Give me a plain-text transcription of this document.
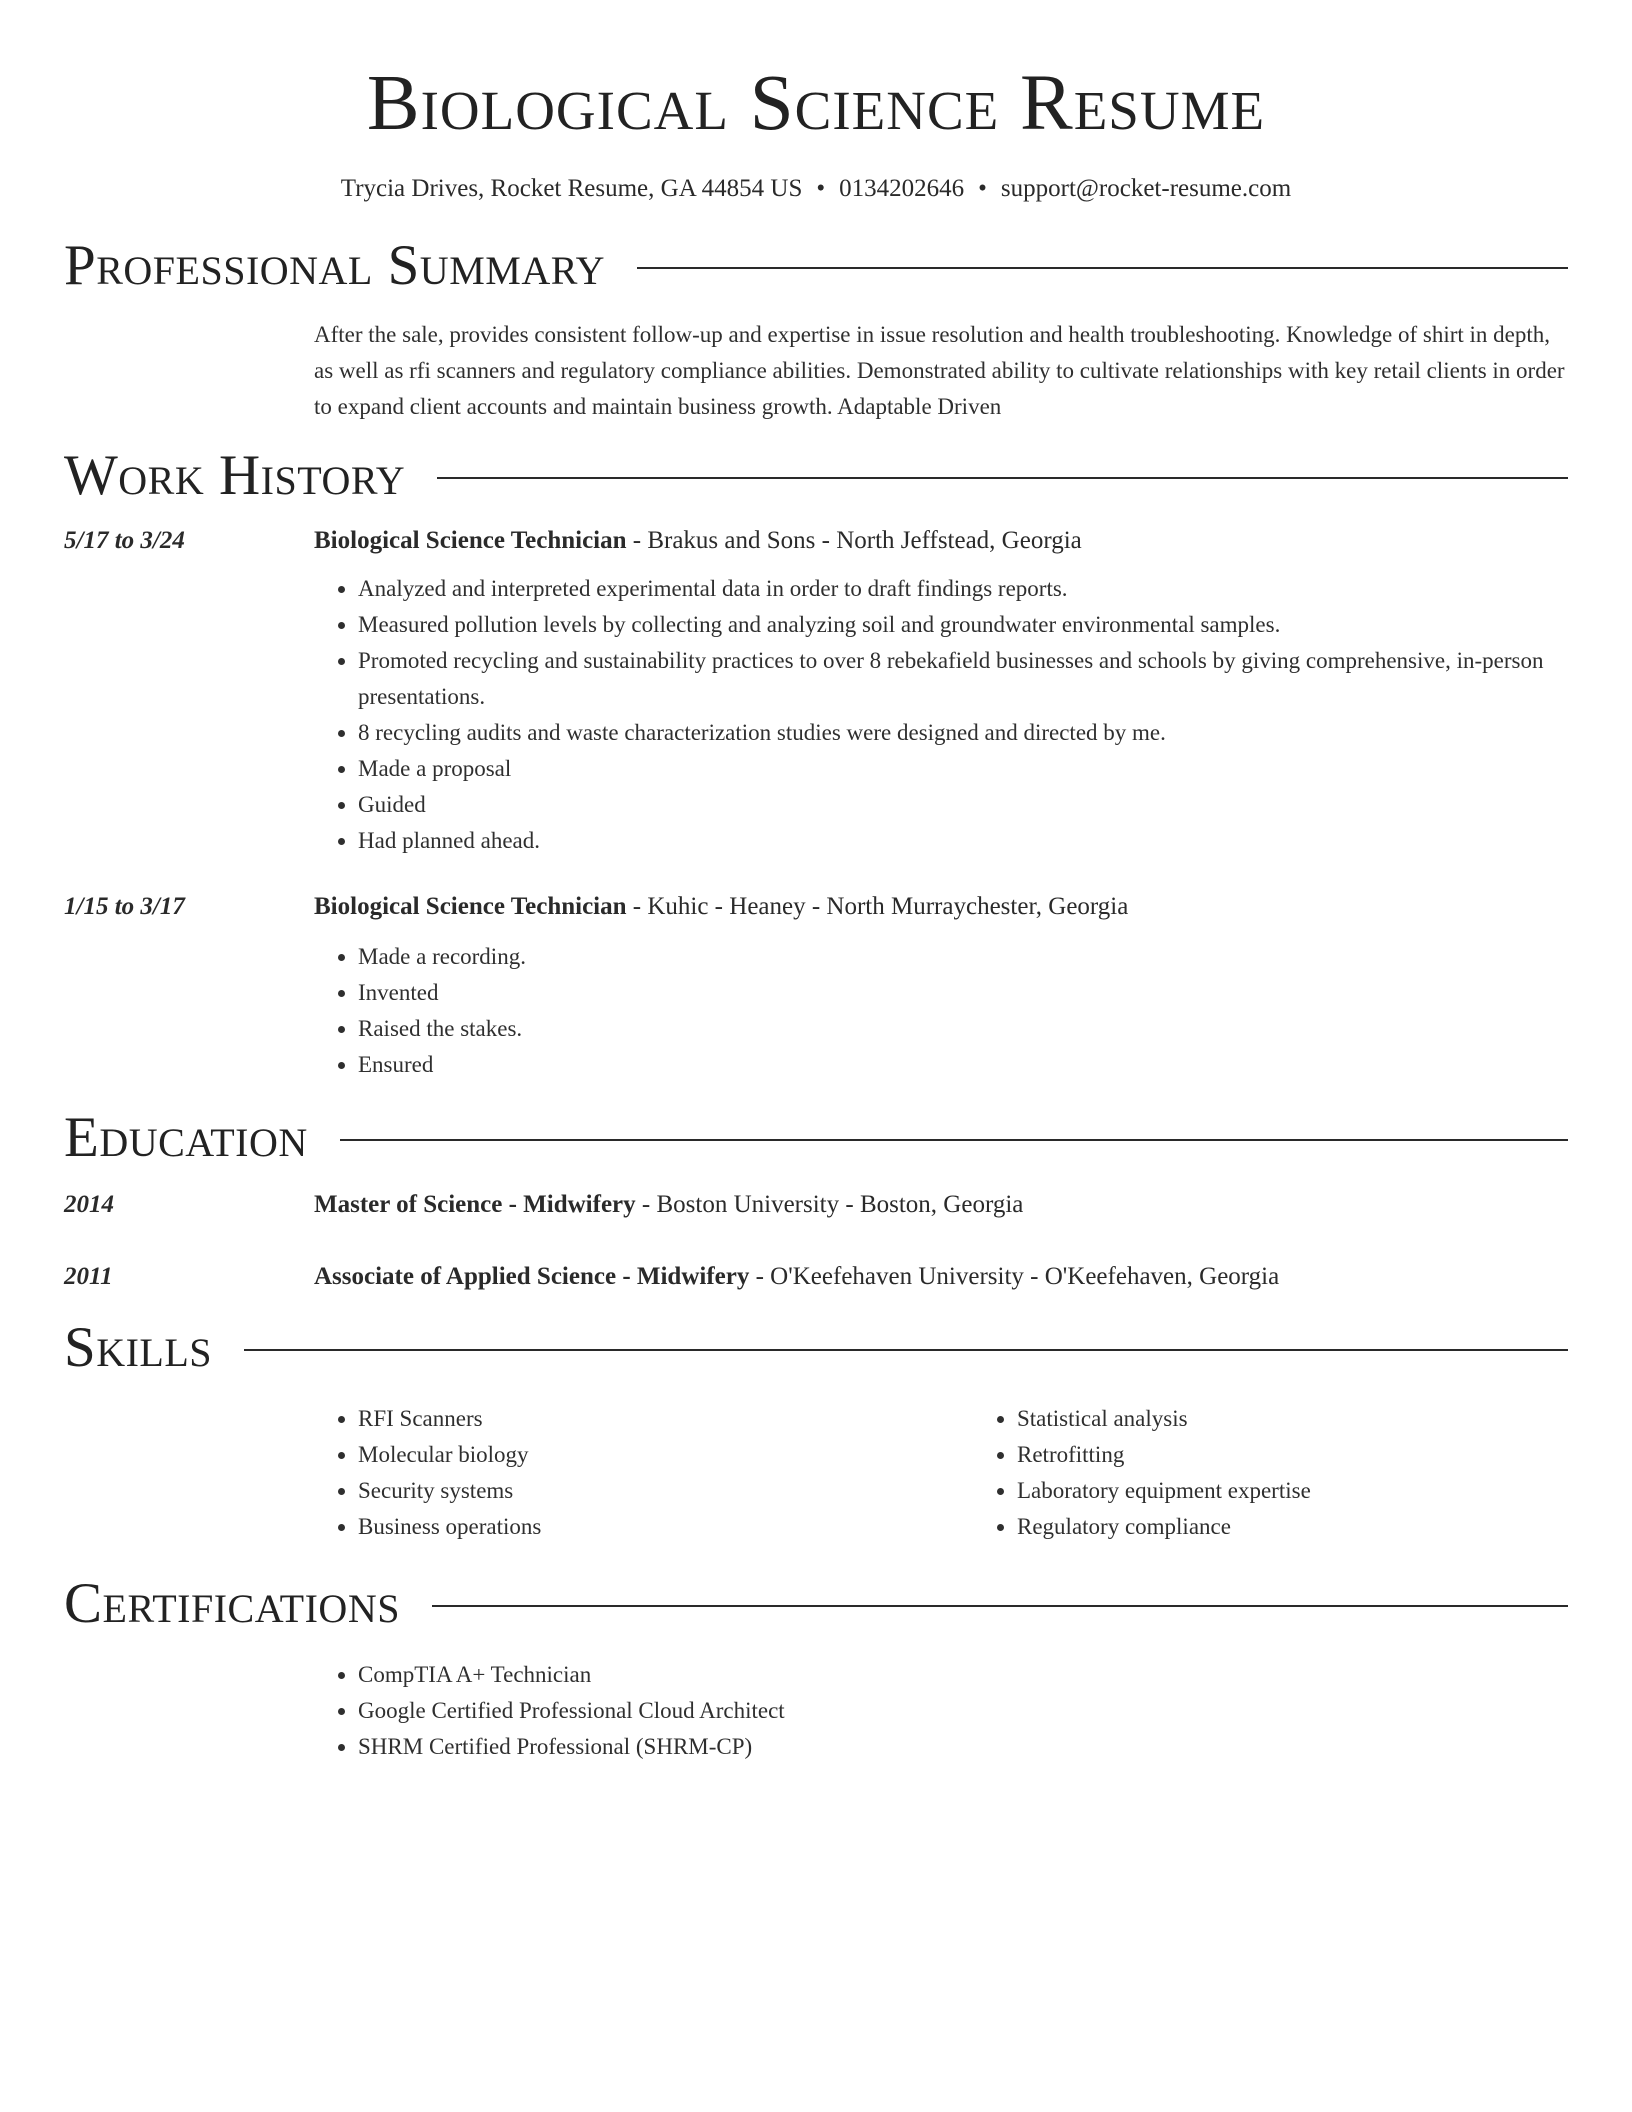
Biological Science Resume
Trycia Drives, Rocket Resume, GA 44854 US • 0134202646 • support@rocket-resume.com
Professional Summary

After the sale, provides consistent follow-up and expertise in issue resolution and health troubleshooting. Knowledge of shirt in depth, as well as rfi scanners and regulatory compliance abilities. Demonstrated ability to cultivate relationships with key retail clients in order to expand client accounts and maintain business growth. Adaptable Driven

Work History
5/17 to 3/24	Biological Science Technician - Brakus and Sons - North Jeffstead, Georgia
• Analyzed and interpreted experimental data in order to draft findings reports.
• Measured pollution levels by collecting and analyzing soil and groundwater environmental samples.
• Promoted recycling and sustainability practices to over 8 rebekafield businesses and schools by giving comprehensive, in-person presentations.
• 8 recycling audits and waste characterization studies were designed and directed by me.
• Made a proposal
• Guided
• Had planned ahead.
1/15 to 3/17	Biological Science Technician - Kuhic - Heaney - North Murraychester, Georgia
• Made a recording.
• Invented
• Raised the stakes.
• Ensured
Education
2014	Master of Science - Midwifery - Boston University - Boston, Georgia
2011	Associate of Applied Science - Midwifery - O'Keefehaven University - O'Keefehaven, Georgia
Skills
• RFI Scanners
• Molecular biology
• Security systems
• Business operations
• Statistical analysis
• Retrofitting
• Laboratory equipment expertise
• Regulatory compliance
Certifications
• CompTIA A+ Technician
• Google Certified Professional Cloud Architect
• SHRM Certified Professional (SHRM-CP)
